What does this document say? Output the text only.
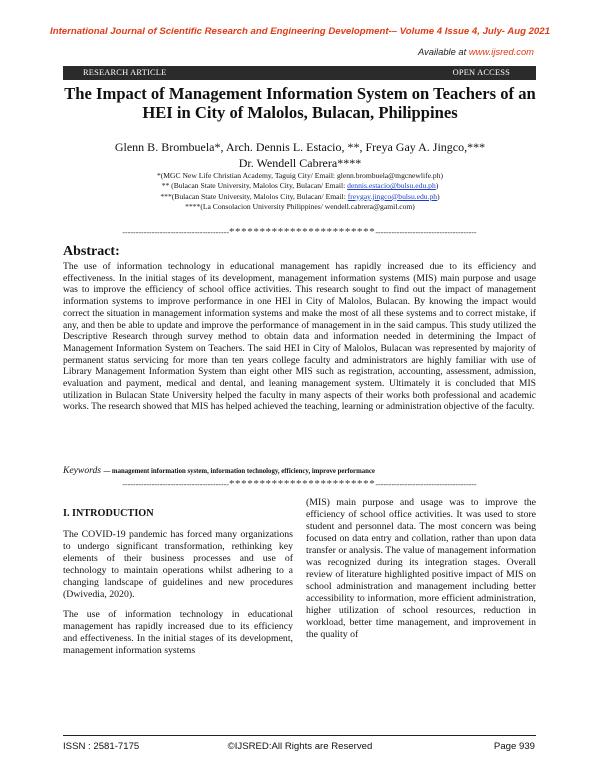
International Journal of Scientific Research and Engineering Development-– Volume 4 Issue 4, July- Aug 2021
Available at www.ijsred.com
RESEARCH ARTICLE	OPEN ACCESS
The Impact of Management Information System on Teachers of an
HEI in City of Malolos, Bulacan, Philippines
Glenn B. Brombuela*, Arch. Dennis L. Estacio, **, Freya Gay A. Jingco,***
Dr. Wendell Cabrera****
*(MGC New Life Christian Academy, Taguig City/ Email: glenn.brombuela@mgcnewlife.ph)
** (Bulacan State University, Malolos City, Bulacan/ Email: dennis.estacio@bulsu.edu.ph)
***(Bulacan State University, Malolos City, Bulacan/ Email: freygay.jingco@bulsu.edu.ph)
****(La Consolacion University Philippines/ wendell.cabrera@gamil.com)
----------------------------------------************************--------------------------------------
Abstract:
The use of information technology in educational management has rapidly increased due to its efficiency and effectiveness. In the initial stages of its development, management information systems (MIS) main purpose and usage was to improve the efficiency of school office activities. This research sought to find out the impact of management information systems to improve performance in one HEI in City of Malolos, Bulacan. By knowing the impact would correct the situation in management information systems and make the most of all these systems and to correct mistake, if any, and then be able to update and improve the performance of management in in the said campus. This study utilized the Descriptive Research through survey method to obtain data and information needed in determining the Impact of Management Information System on Teachers. The said HEI in City of Malolos, Bulacan was represented by majority of permanent status servicing for more than ten years college faculty and administrators are highly familiar with use of Library Management Information System than eight other MIS such as registration, accounting, assessment, admission, evaluation and payment, medical and dental, and leaning management system. Ultimately it is concluded that MIS utilization in Bulacan State University helped the faculty in many aspects of their works both professional and academic works. The research showed that MIS has helped achieved the teaching, learning or administration objective of the faculty.
Keywords — management information system, information technology, efficiency, improve performance
----------------------------------------************************--------------------------------------
I. INTRODUCTION

The COVID-19 pandemic has forced many organizations to undergo significant transformation, rethinking key elements of their business processes and use of technology to maintain operations whilst adhering to a changing landscape of guidelines and new procedures (Dwivedia, 2020).

The use of information technology in educational management has rapidly increased due to its efficiency and effectiveness. In the initial stages of its development, management information systems

(MIS) main purpose and usage was to improve the efficiency of school office activities. It was used to store student and personnel data. The most concern was being focused on data entry and collation, rather than upon data transfer or analysis. The value of management information was recognized during its integration stages. Overall review of literature highlighted positive impact of MIS on school administration and management including better accessibility to information, more efficient administration, higher utilization of school resources, reduction in workload, better time management, and improvement in the quality of

ISSN : 2581-7175	©IJSRED:All Rights are Reserved	Page 939
